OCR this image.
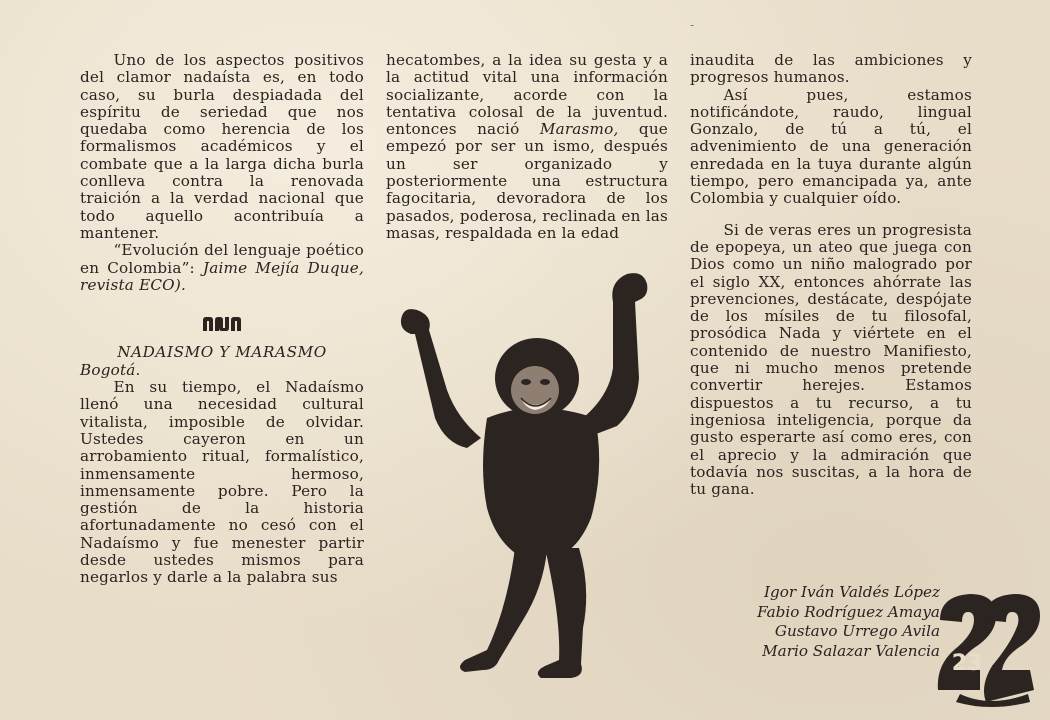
-

Uno de los aspectos positivos del clamor nadaísta es, en todo caso, su burla despiadada del espíritu de seriedad que nos quedaba como herencia de los formalismos académicos y el combate que a la larga dicha burla conlleva contra la renovada traición a la verdad nacional que todo aquello acontribuía a mantener.

“Evolución del lenguaje poético en Colombia”: Jaime Mejía Duque, revista ECO).

NADAISMO Y MARASMO

Bogotá.

En su tiempo, el Nadaísmo llenó una necesidad cultural vitalista, imposible de olvidar. Ustedes cayeron en un arrobamiento ritual, formalístico, inmensamente hermoso, inmensamente pobre. Pero la gestión de la historia afortunadamente no cesó con el Nadaísmo y fue menester partir desde ustedes mismos para negarlos y darle a la palabra sus

hecatombes, a la idea su gesta y a la actitud vital una información socializante, acorde con la tentativa colosal de la juventud. entonces nació Marasmo, que empezó por ser un ismo, después un ser organizado y posteriormente una estructura fagocitaria, devoradora de los pasados, poderosa, reclinada en las masas, respaldada en la edad

inaudita de las ambiciones y progresos humanos.

Así pues, estamos notificándote, raudo, lingual Gonzalo, de tú a tú, el advenimiento de una generación enredada en la tuya durante algún tiempo, pero emancipada ya, ante Colombia y cualquier oído.

Si de veras eres un progresista de epopeya, un ateo que juega con Dios como un niño malogrado por el siglo XX, entonces ahórrate las prevenciones, destácate, despójate de los mísiles de tu filosofal, prosódica Nada y viértete en el contenido de nuestro Manifiesto, que ni mucho menos pretende convertir herejes. Estamos dispuestos a tu recurso, a tu ingeniosa inteligencia, porque da gusto esperarte así como eres, con el aprecio y la admiración que todavía nos suscitas, a la hora de tu gana.

Igor Iván Valdés López
Fabio Rodríguez Amaya
Gustavo Urrego Avila
Mario Salazar Valencia
23
